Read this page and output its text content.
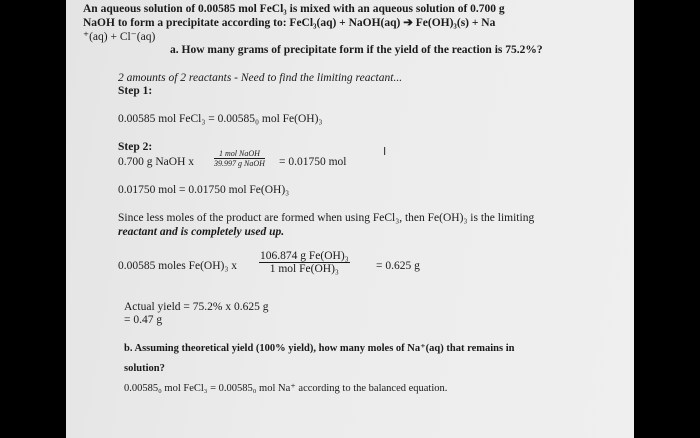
An aqueous solution of 0.00585 mol FeCl₃ is mixed with an aqueous solution of 0.700 g
NaOH to form a precipitate according to: FeCl₃(aq) + NaOH(aq) ➔ Fe(OH)₃(s) + Na
⁺(aq) + Cl⁻(aq)
a. How many grams of precipitate form if the yield of the reaction is 75.2%?
2 amounts of 2 reactants - Need to find the limiting reactant...
Step 1:
0.00585 mol FeCl₃ = 0.00585₀ mol Fe(OH)₃
Step 2:
0.700 g NaOH x
1 mol NaOH
39.997 g NaOH = 0.01750 mol
I
0.01750 mol = 0.01750 mol Fe(OH)₃
Since less moles of the product are formed when using FeCl₃, then Fe(OH)₃ is the limiting
reactant and is completely used up.
0.00585 moles Fe(OH)₃ x
106.874 g Fe(OH)₃
1 mol Fe(OH)₃	= 0.625 g
Actual yield = 75.2% x 0.625 g
= 0.47 g
b. Assuming theoretical yield (100% yield), how many moles of Na⁺(aq) that remains in
solution?
0.00585₀ mol FeCl₃ = 0.00585₀ mol Na⁺ according to the balanced equation.
